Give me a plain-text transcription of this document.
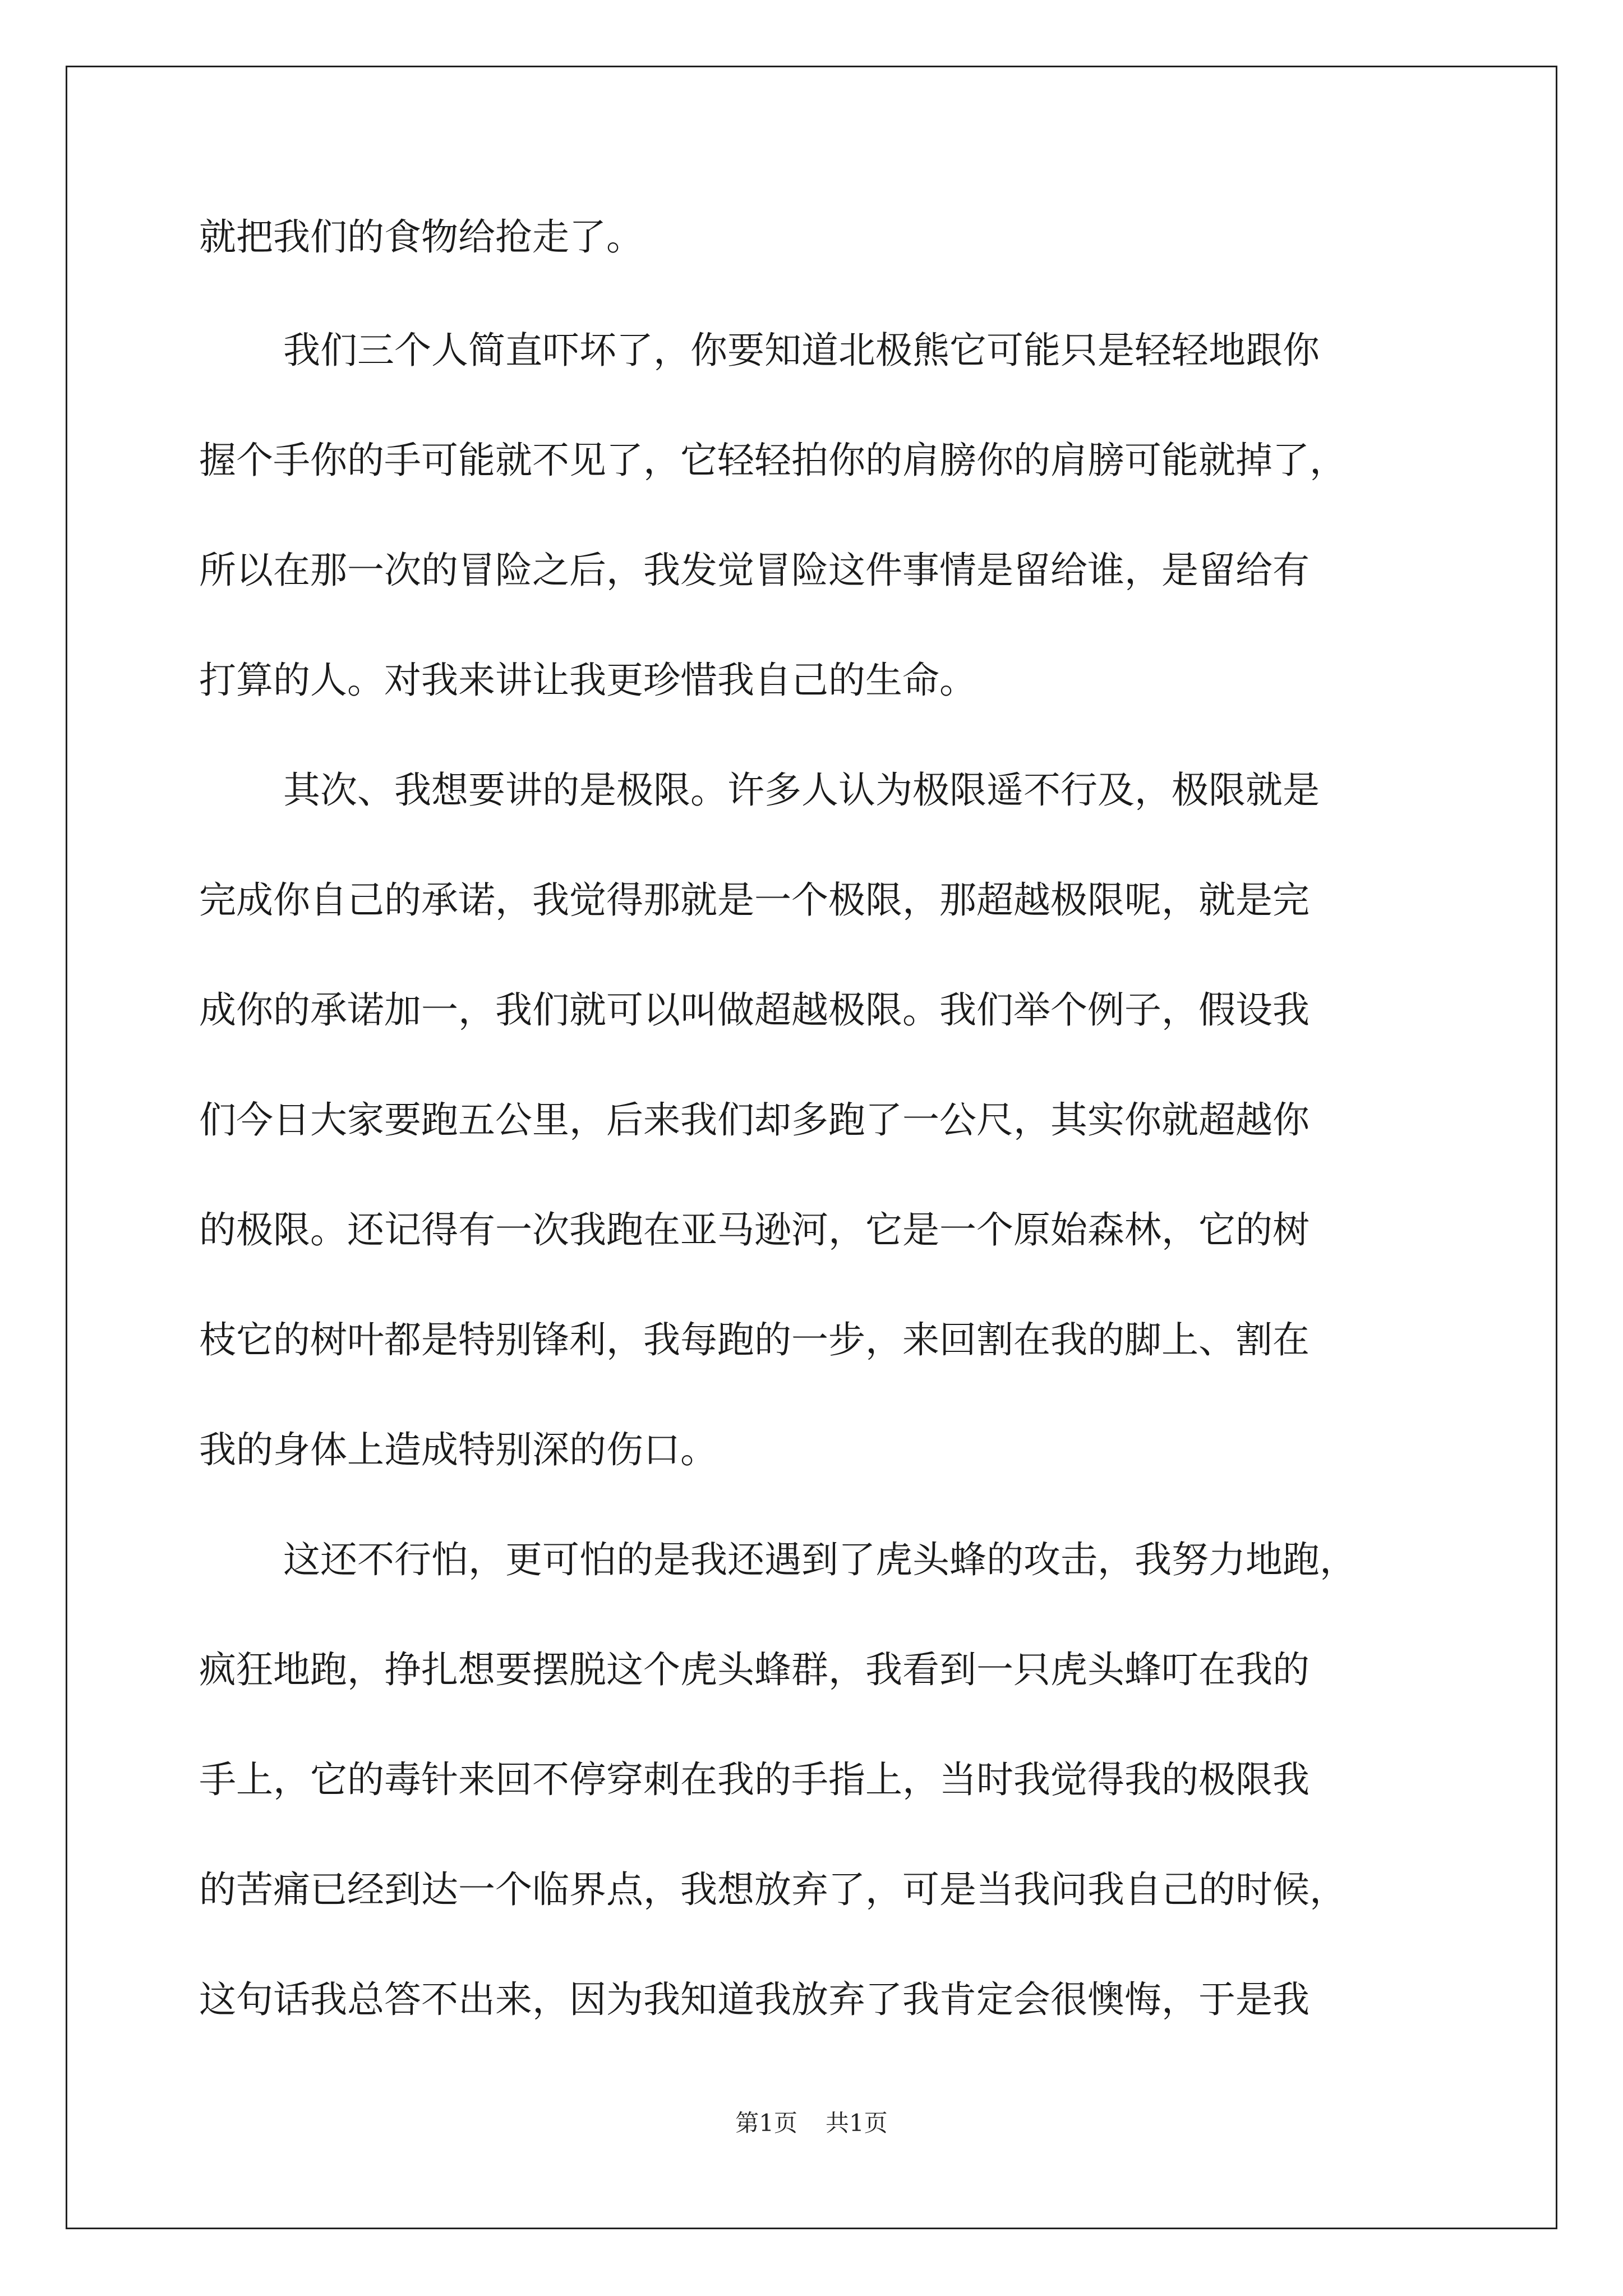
就把我们的食物给抢走了。
我们三个人简直吓坏了，你要知道北极熊它可能只是轻轻地跟你
握个手你的手可能就不见了，它轻轻拍你的肩膀你的肩膀可能就掉了，
所以在那一次的冒险之后，我发觉冒险这件事情是留给谁，是留给有
打算的人。对我来讲让我更珍惜我自己的生命。
其次、我想要讲的是极限。许多人认为极限遥不行及，极限就是
完成你自己的承诺，我觉得那就是一个极限，那超越极限呢，就是完
成你的承诺加一，我们就可以叫做超越极限。我们举个例子，假设我
们今日大家要跑五公里，后来我们却多跑了一公尺，其实你就超越你
的极限。还记得有一次我跑在亚马逊河，它是一个原始森林，它的树
枝它的树叶都是特别锋利，我每跑的一步，来回割在我的脚上、割在
我的身体上造成特别深的伤口。
这还不行怕，更可怕的是我还遇到了虎头蜂的攻击，我努力地跑，
疯狂地跑，挣扎想要摆脱这个虎头蜂群，我看到一只虎头蜂叮在我的
手上，它的毒针来回不停穿刺在我的手指上，当时我觉得我的极限我
的苦痛已经到达一个临界点，我想放弃了，可是当我问我自己的时候，
这句话我总答不出来，因为我知道我放弃了我肯定会很懊悔，于是我
第1页 共1页
